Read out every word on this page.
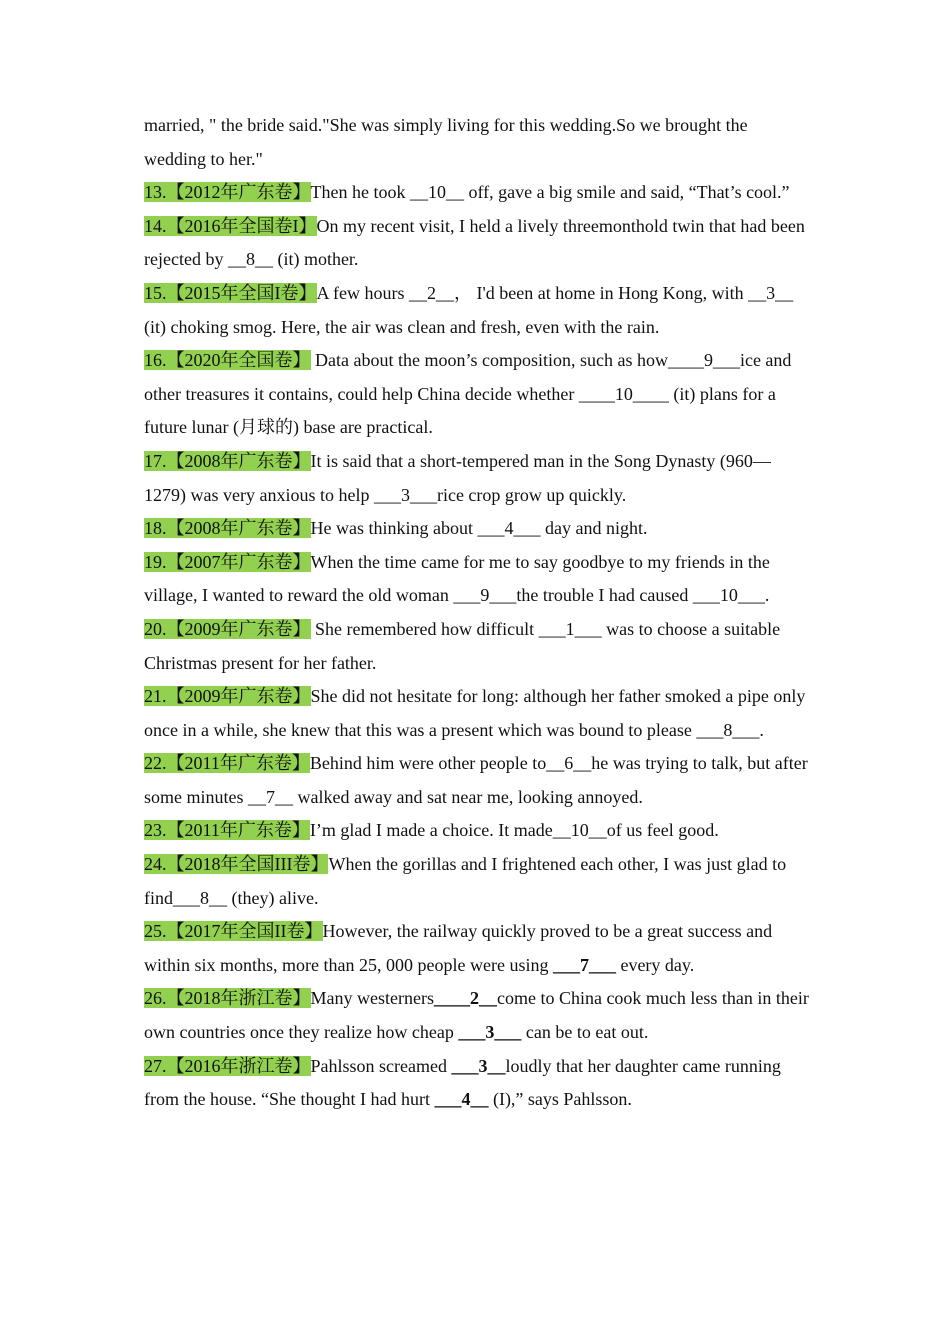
married, " the bride said."She was simply living for this wedding.So we brought the wedding to her."

13.【2012年广东卷】Then he took __10__ off, gave a big smile and said, “That’s cool.”

14.【2016年全国卷I】On my recent visit, I held a lively threemonthold twin that had been rejected by __8__ (it) mother.

15.【2015年全国I卷】A few hours __2__， I'd been at home in Hong Kong, with __3__ (it) choking smog. Here, the air was clean and fresh, even with the rain.

16.【2020年全国卷】 Data about the moon’s composition, such as how____9___ice and other treasures it contains, could help China decide whether ____10____ (it) plans for a future lunar (月球的) base are practical.

17.【2008年广东卷】It is said that a short-tempered man in the Song Dynasty (960—1279) was very anxious to help ___3___rice crop grow up quickly.

18.【2008年广东卷】He was thinking about ___4___ day and night.

19.【2007年广东卷】When the time came for me to say goodbye to my friends in the village, I wanted to reward the old woman ___9___the trouble I had caused ___10___.

20.【2009年广东卷】 She remembered how difficult ___1___ was to choose a suitable Christmas present for her father.

21.【2009年广东卷】She did not hesitate for long: although her father smoked a pipe only once in a while, she knew that this was a present which was bound to please ___8___.

22.【2011年广东卷】Behind him were other people to__6__he was trying to talk, but after some minutes __7__ walked away and sat near me, looking annoyed.

23.【2011年广东卷】I’m glad I made a choice. It made__10__of us feel good.

24.【2018年全国III卷】When the gorillas and I frightened each other, I was just glad to find___8__ (they) alive.

25.【2017年全国II卷】However, the railway quickly proved to be a great success and within six months, more than 25, 000 people were using ___7___ every day.

26.【2018年浙江卷】Many westerners____2__come to China cook much less than in their own countries once they realize how cheap ___3___ can be to eat out.

27.【2016年浙江卷】Pahlsson screamed ___3__loudly that her daughter came running from the house. “She thought I had hurt ___4__ (I),” says Pahlsson.
